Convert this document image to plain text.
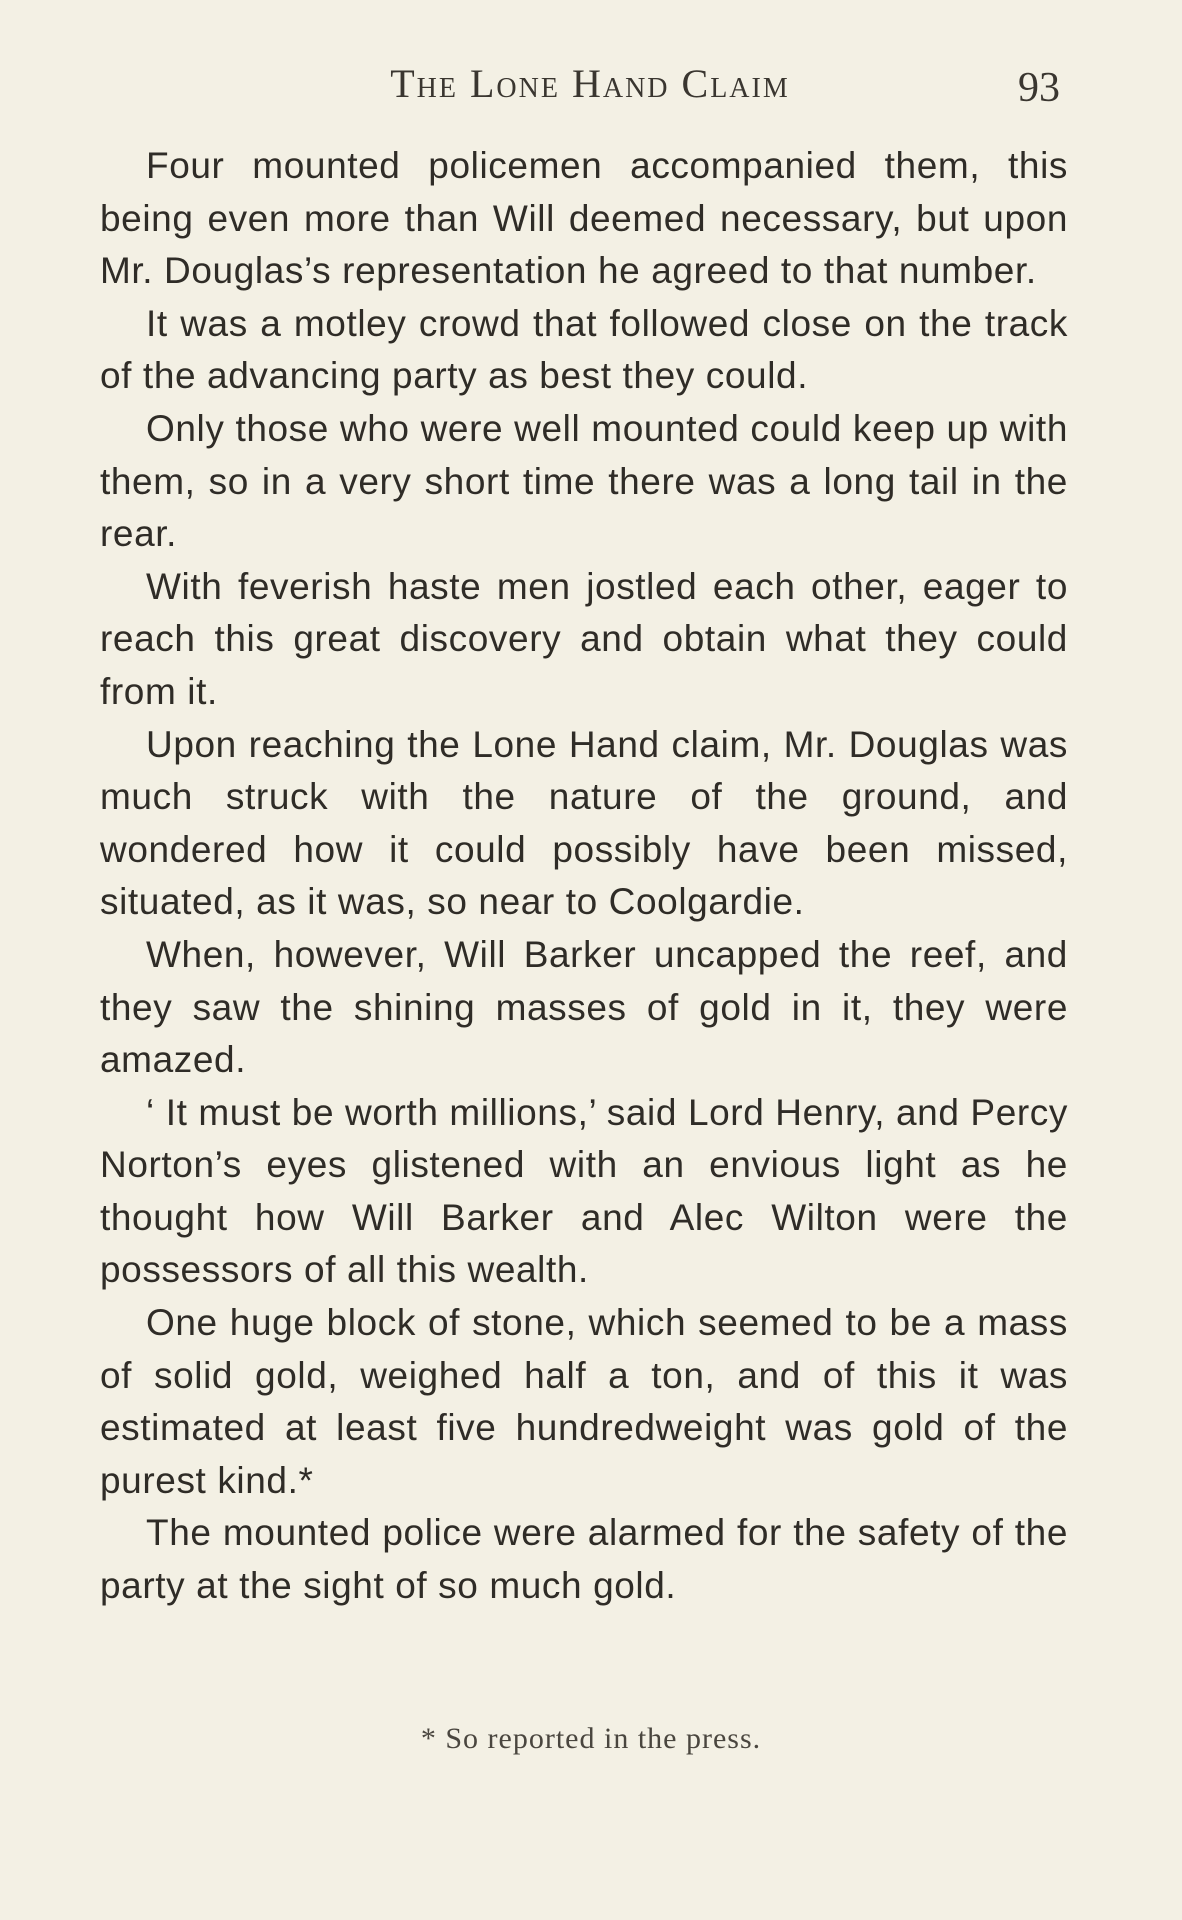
The Lone Hand Claim	93

Four mounted policemen accompanied them, this being even more than Will deemed necessary, but upon Mr. Douglas’s representation he agreed to that number.

It was a motley crowd that followed close on the track of the advancing party as best they could.

Only those who were well mounted could keep up with them, so in a very short time there was a long tail in the rear.

With feverish haste men jostled each other, eager to reach this great discovery and obtain what they could from it.

Upon reaching the Lone Hand claim, Mr. Douglas was much struck with the nature of the ground, and wondered how it could possibly have been missed, situated, as it was, so near to Coolgardie.

When, however, Will Barker uncapped the reef, and they saw the shining masses of gold in it, they were amazed.

‘ It must be worth millions,’ said Lord Henry, and Percy Norton’s eyes glistened with an envious light as he thought how Will Barker and Alec Wilton were the possessors of all this wealth.

One huge block of stone, which seemed to be a mass of solid gold, weighed half a ton, and of this it was estimated at least five hundredweight was gold of the purest kind.*

The mounted police were alarmed for the safety of the party at the sight of so much gold.

* So reported in the press.
